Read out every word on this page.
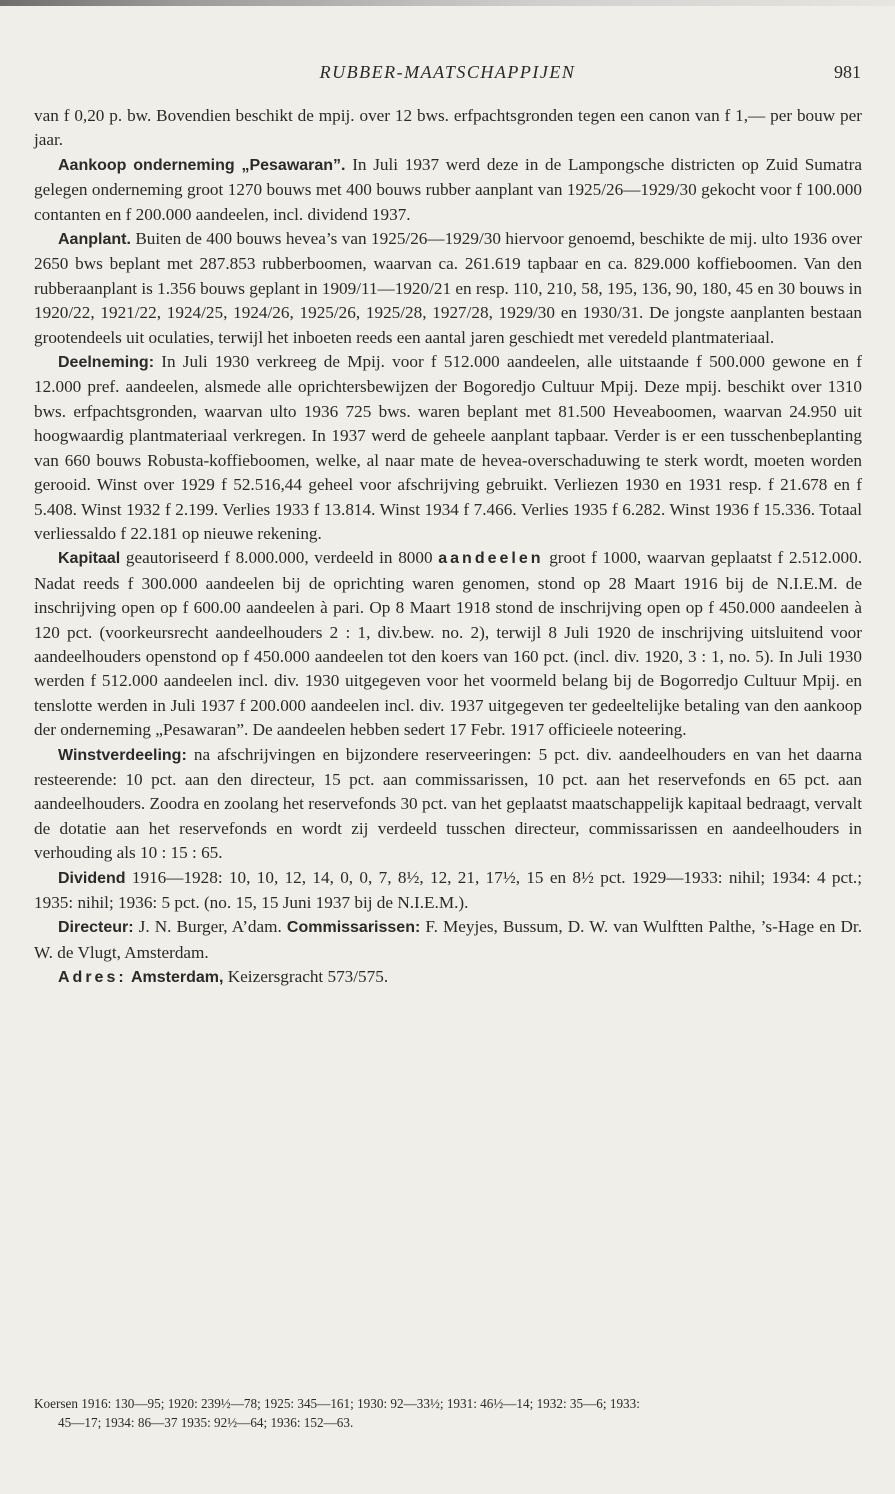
RUBBER-MAATSCHAPPIJEN	981

van f 0,20 p. bw. Bovendien beschikt de mpij. over 12 bws. erfpachtsgronden tegen een canon van f 1,— per bouw per jaar.

Aankoop onderneming „Pesawaran”. In Juli 1937 werd deze in de Lampongsche districten op Zuid Sumatra gelegen onderneming groot 1270 bouws met 400 bouws rubber aanplant van 1925/26—1929/30 gekocht voor f 100.000 contanten en f 200.000 aandeelen, incl. dividend 1937.

Aanplant. Buiten de 400 bouws hevea’s van 1925/26—1929/30 hiervoor genoemd, beschikte de mij. ulto 1936 over 2650 bws beplant met 287.853 rubberboomen, waarvan ca. 261.619 tapbaar en ca. 829.000 koffieboomen. Van den rubberaanplant is 1.356 bouws geplant in 1909/11—1920/21 en resp. 110, 210, 58, 195, 136, 90, 180, 45 en 30 bouws in 1920/22, 1921/22, 1924/25, 1924/26, 1925/26, 1925/28, 1927/28, 1929/30 en 1930/31. De jongste aanplanten bestaan grootendeels uit oculaties, terwijl het inboeten reeds een aantal jaren geschiedt met veredeld plantmateriaal.

Deelneming: In Juli 1930 verkreeg de Mpij. voor f 512.000 aandeelen, alle uitstaande f 500.000 gewone en f 12.000 pref. aandeelen, alsmede alle oprichtersbewijzen der Bogoredjo Cultuur Mpij. Deze mpij. beschikt over 1310 bws. erfpachtsgronden, waarvan ulto 1936 725 bws. waren beplant met 81.500 Heveaboomen, waarvan 24.950 uit hoogwaardig plantmateriaal verkregen. In 1937 werd de geheele aanplant tapbaar. Verder is er een tusschenbeplanting van 660 bouws Robusta-koffieboomen, welke, al naar mate de hevea-overschaduwing te sterk wordt, moeten worden gerooid. Winst over 1929 f 52.516,44 geheel voor afschrijving gebruikt. Verliezen 1930 en 1931 resp. f 21.678 en f 5.408. Winst 1932 f 2.199. Verlies 1933 f 13.814. Winst 1934 f 7.466. Verlies 1935 f 6.282. Winst 1936 f 15.336. Totaal verliessaldo f 22.181 op nieuwe rekening.

Kapitaal geautoriseerd f 8.000.000, verdeeld in 8000 aandeelen groot f 1000, waarvan geplaatst f 2.512.000. Nadat reeds f 300.000 aandeelen bij de oprichting waren genomen, stond op 28 Maart 1916 bij de N.I.E.M. de inschrijving open op f 600.00 aandeelen à pari. Op 8 Maart 1918 stond de inschrijving open op f 450.000 aandeelen à 120 pct. (voorkeursrecht aandeelhouders 2 : 1, div.bew. no. 2), terwijl 8 Juli 1920 de inschrijving uitsluitend voor aandeelhouders openstond op f 450.000 aandeelen tot den koers van 160 pct. (incl. div. 1920, 3 : 1, no. 5). In Juli 1930 werden f 512.000 aandeelen incl. div. 1930 uitgegeven voor het voormeld belang bij de Bogorredjo Cultuur Mpij. en tenslotte werden in Juli 1937 f 200.000 aandeelen incl. div. 1937 uitgegeven ter gedeeltelijke betaling van den aankoop der onderneming „Pesawaran”. De aandeelen hebben sedert 17 Febr. 1917 officieele noteering.

Winstverdeeling: na afschrijvingen en bijzondere reserveeringen: 5 pct. div. aandeelhouders en van het daarna resteerende: 10 pct. aan den directeur, 15 pct. aan commissarissen, 10 pct. aan het reservefonds en 65 pct. aan aandeelhouders. Zoodra en zoolang het reservefonds 30 pct. van het geplaatst maatschappelijk kapitaal bedraagt, vervalt de dotatie aan het reservefonds en wordt zij verdeeld tusschen directeur, commissarissen en aandeelhouders in verhouding als 10 : 15 : 65.

Dividend 1916—1928: 10, 10, 12, 14, 0, 0, 7, 8½, 12, 21, 17½, 15 en 8½ pct. 1929—1933: nihil; 1934: 4 pct.; 1935: nihil; 1936: 5 pct. (no. 15, 15 Juni 1937 bij de N.I.E.M.).

Directeur: J. N. Burger, A’dam. Commissarissen: F. Meyjes, Bussum, D. W. van Wulftten Palthe, ’s-Hage en Dr. W. de Vlugt, Amsterdam.

Adres: Amsterdam, Keizersgracht 573/575.

Koersen 1916: 130—95; 1920: 239½—78; 1925: 345—161; 1930: 92—33½; 1931: 46½—14; 1932: 35—6; 1933:
45—17; 1934: 86—37 1935: 92½—64; 1936: 152—63.
